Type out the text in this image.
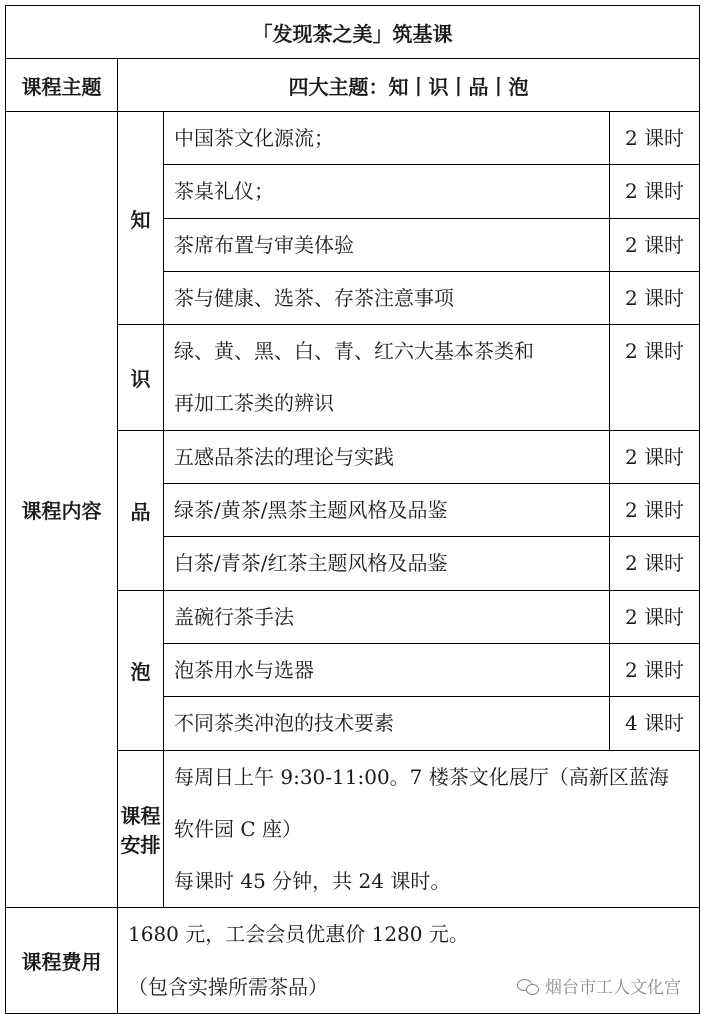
「发现茶之美」筑基课			
课程主题	四大主题：知丨识丨品丨泡		
课程内容	知	中国茶文化源流；	2 课时

		茶桌礼仪；	2 课时

		茶席布置与审美体验	2 课时

		茶与健康、选茶、存茶注意事项	2 课时

	识	绿、黄、黑、白、青、红六大基本茶类和
再加工茶类的辨识	2 课时

	品	五感品茶法的理论与实践	2 课时

		绿茶/黄茶/黑茶主题风格及品鉴	2 课时

		白茶/青茶/红茶主题风格及品鉴	2 课时

	泡	盖碗行茶手法	2 课时

		泡茶用水与选器	2 课时

		不同茶类冲泡的技术要素	4 课时

	课程安排	每周日上午 9:30-11:00。7 楼茶文化展厅（高新区蓝海
软件园 C 座）
每课时 45 分钟，共 24 课时。	

课程费用	1680 元，工会会员优惠价 1280 元。
（包含实操所需茶品）			烟台市工人文化宫
